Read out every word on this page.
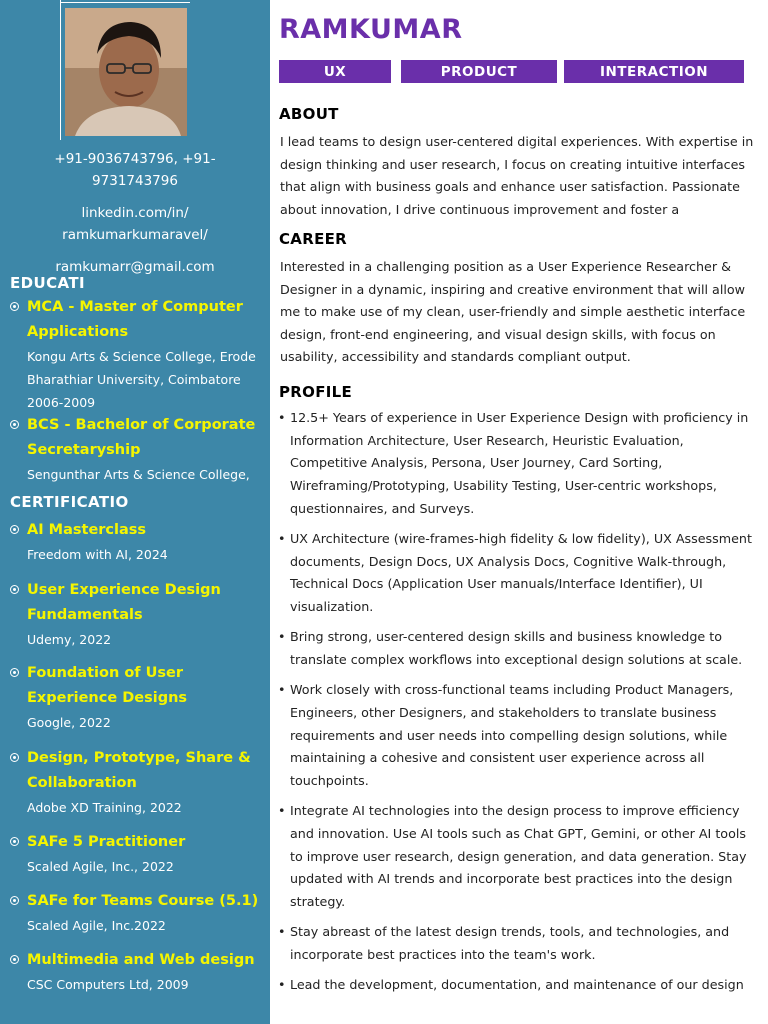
+91-9036743796, +91-
9731743796
linkedin.com/in/
ramkumarkumaravel/
ramkumarr@gmail.com
EDUCATI
MCA - Master of Computer
Applications
Kongu Arts & Science College, Erode
Bharathiar University, Coimbatore
2006-2009
BCS - Bachelor of Corporate
Secretaryship
Sengunthar Arts & Science College,
CERTIFICATIO
AI Masterclass
Freedom with AI, 2024
User Experience Design
Fundamentals
Udemy, 2022
Foundation of User
Experience Designs
Google, 2022
Design, Prototype, Share &
Collaboration
Adobe XD Training, 2022
SAFe 5 Practitioner
Scaled Agile, Inc., 2022
SAFe for Teams Course (5.1)
Scaled Agile, Inc.2022
Multimedia and Web design
CSC Computers Ltd, 2009
RAMKUMAR
UX	PRODUCT	INTERACTION
ABOUT
I lead teams to design user-centered digital experiences. With expertise in design thinking and user research, I focus on creating intuitive interfaces that align with business goals and enhance user satisfaction. Passionate about innovation, I drive continuous improvement and foster a
CAREER
Interested in a challenging position as a User Experience Researcher & Designer in a dynamic, inspiring and creative environment that will allow me to make use of my clean, user-friendly and simple aesthetic interface design, front-end engineering, and visual design skills, with focus on usability, accessibility and standards compliant output.
PROFILE
• 12.5+ Years of experience in User Experience Design with proficiency in Information Architecture, User Research, Heuristic Evaluation, Competitive Analysis, Persona, User Journey, Card Sorting, Wireframing/Prototyping, Usability Testing, User-centric workshops, questionnaires, and Surveys.
• UX Architecture (wire-frames-high fidelity & low fidelity), UX Assessment documents, Design Docs, UX Analysis Docs, Cognitive Walk-through, Technical Docs (Application User manuals/Interface Identifier), UI visualization.
• Bring strong, user-centered design skills and business knowledge to translate complex workflows into exceptional design solutions at scale.
• Work closely with cross-functional teams including Product Managers, Engineers, other Designers, and stakeholders to translate business requirements and user needs into compelling design solutions, while maintaining a cohesive and consistent user experience across all touchpoints.
• Integrate AI technologies into the design process to improve efficiency and innovation. Use AI tools such as Chat GPT, Gemini, or other AI tools to improve user research, design generation, and data generation. Stay updated with AI trends and incorporate best practices into the design strategy.
• Stay abreast of the latest design trends, tools, and technologies, and incorporate best practices into the team's work.
• Lead the development, documentation, and maintenance of our design
